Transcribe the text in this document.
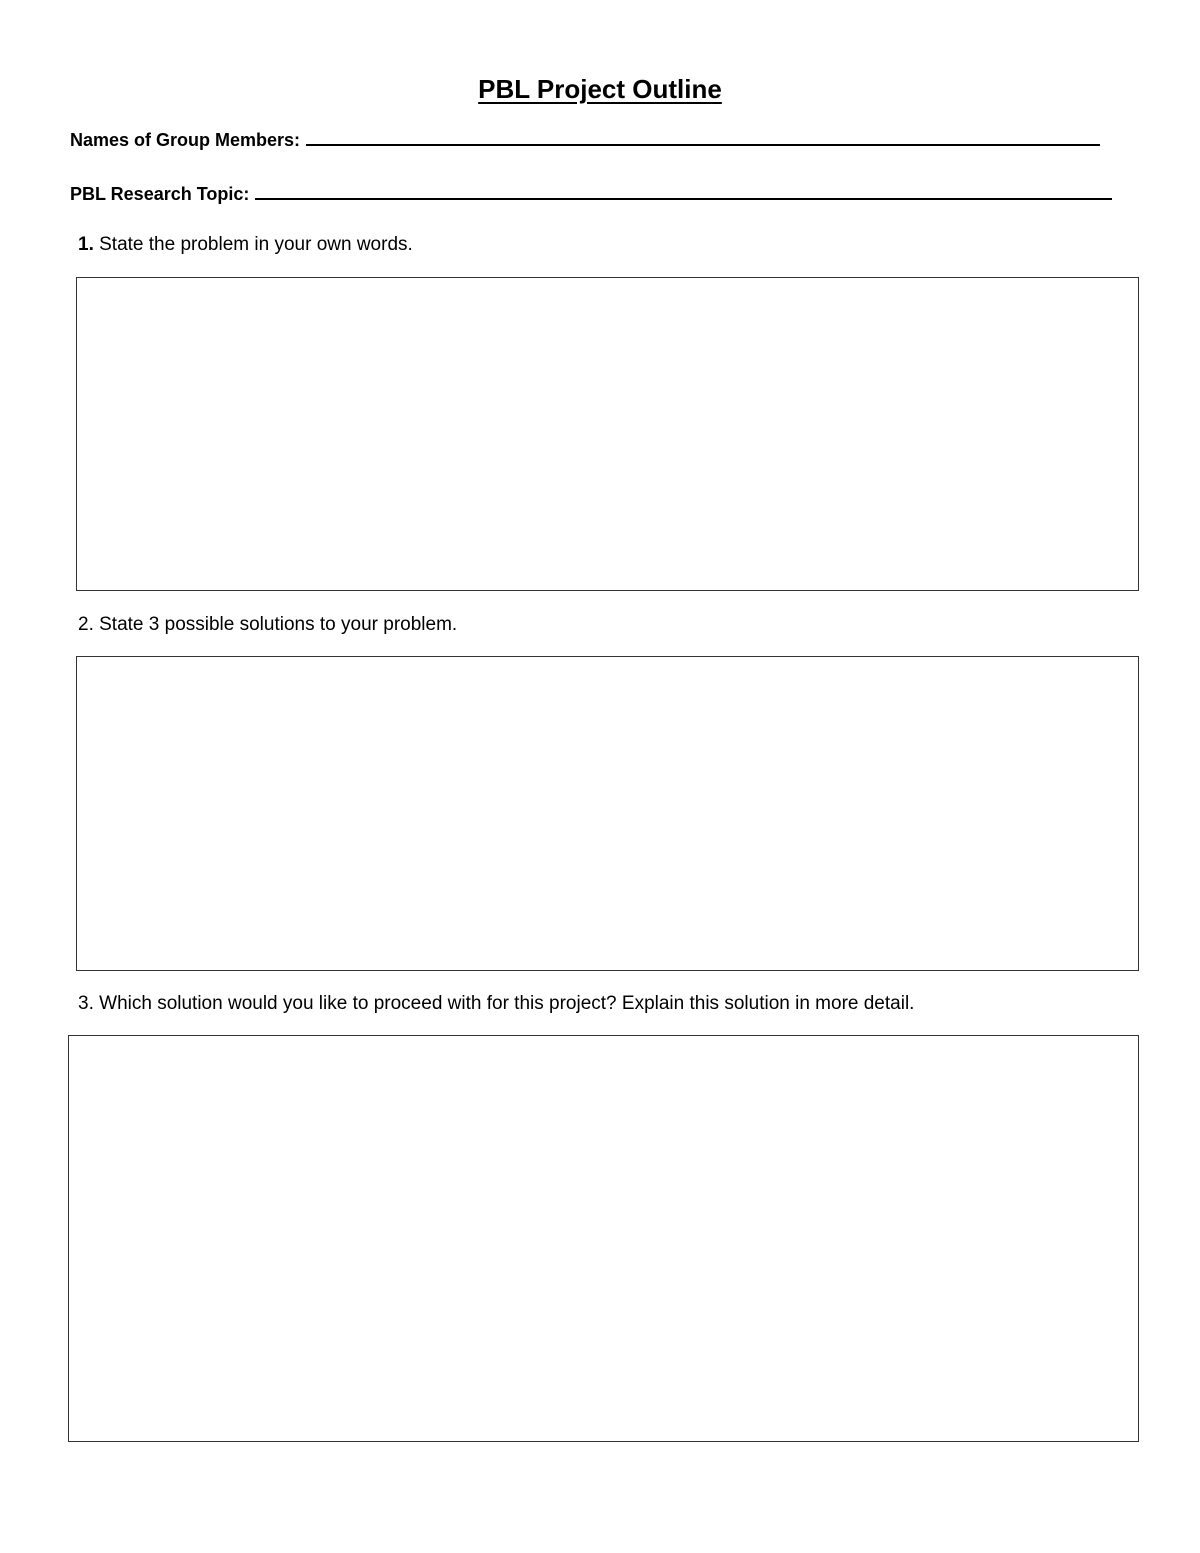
PBL Project Outline
Names of Group Members:
PBL Research Topic:
1. State the problem in your own words.
2. State 3 possible solutions to your problem.
3. Which solution would you like to proceed with for this project? Explain this solution in more detail.
